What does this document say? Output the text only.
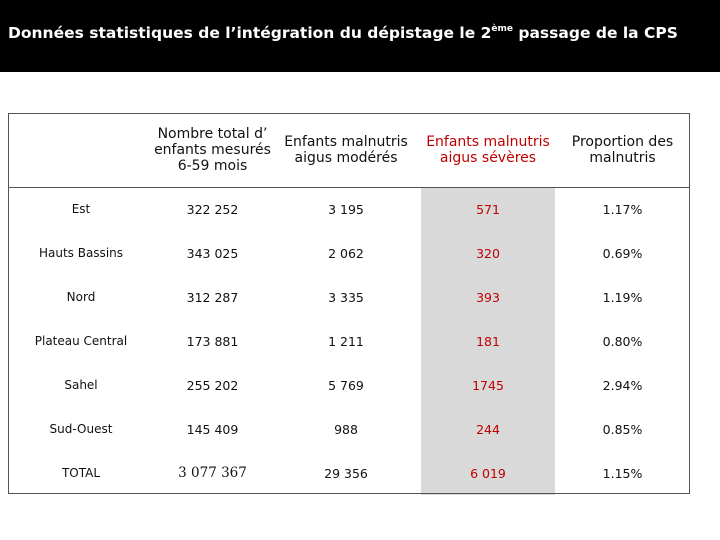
Données statistiques de l’intégration du dépistage le 2ème passage de la CPS
	Nombre total d’ enfants mesurés 6-59 mois	Enfants malnutris aigus modérés	Enfants malnutris aigus sévères	Proportion des malnutris
Est	322 252	3 195	571	1.17%
Hauts Bassins	343 025	2 062	320	0.69%
Nord	312 287	3 335	393	1.19%
Plateau Central	173 881	1 211	181	0.80%
Sahel	255 202	5 769	1745	2.94%
Sud-Ouest	145 409	988	244	0.85%
TOTAL	3 077 367	29 356	6 019	1.15%
